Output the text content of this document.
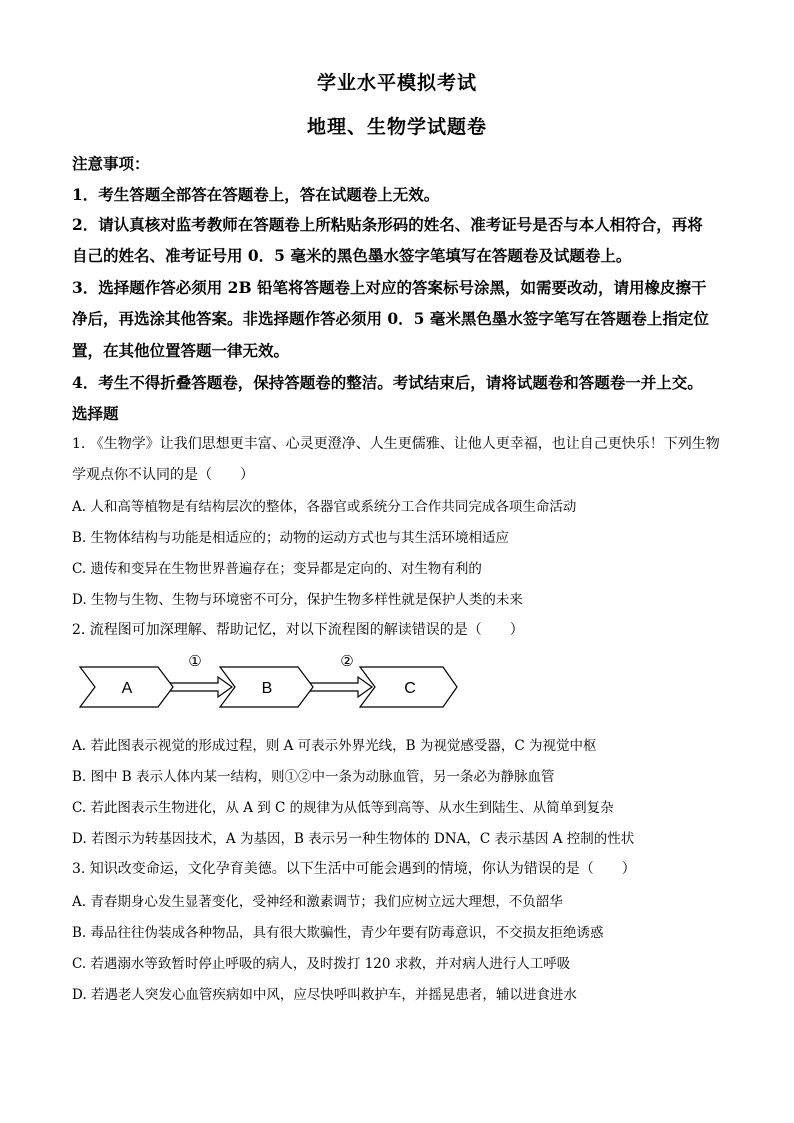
学业水平模拟考试
地理、生物学试题卷
注意事项：
1．考生答题全部答在答题卷上，答在试题卷上无效。
2．请认真核对监考教师在答题卷上所粘贴条形码的姓名、准考证号是否与本人相符合，再将
自己的姓名、准考证号用 0．5 毫米的黑色墨水签字笔填写在答题卷及试题卷上。
3．选择题作答必须用 2B 铅笔将答题卷上对应的答案标号涂黑，如需要改动，请用橡皮擦干
净后，再选涂其他答案。非选择题作答必须用 0．5 毫米黑色墨水签字笔写在答题卷上指定位
置，在其他位置答题一律无效。
4．考生不得折叠答题卷，保持答题卷的整洁。考试结束后，请将试题卷和答题卷一并上交。
选择题
1. 《生物学》让我们思想更丰富、心灵更澄净、人生更儒雅、让他人更幸福，也让自己更快乐！下列生物
学观点你不认同的是（　　）
A. 人和高等植物是有结构层次的整体，各器官或系统分工合作共同完成各项生命活动
B. 生物体结构与功能是相适应的；动物的运动方式也与其生活环境相适应
C. 遗传和变异在生物世界普遍存在；变异都是定向的、对生物有利的
D. 生物与生物、生物与环境密不可分，保护生物多样性就是保护人类的未来
2. 流程图可加深理解、帮助记忆，对以下流程图的解读错误的是（　　）
A	B	C
①	②
A. 若此图表示视觉的形成过程，则 A 可表示外界光线，B 为视觉感受器，C 为视觉中枢
B. 图中 B 表示人体内某一结构，则①②中一条为动脉血管，另一条必为静脉血管
C. 若此图表示生物进化，从 A 到 C 的规律为从低等到高等、从水生到陆生、从简单到复杂
D. 若图示为转基因技术，A 为基因，B 表示另一种生物体的 DNA，C 表示基因 A 控制的性状
3. 知识改变命运，文化孕育美德。以下生活中可能会遇到的情境，你认为错误的是（　　）
A. 青春期身心发生显著变化，受神经和激素调节；我们应树立远大理想，不负韶华
B. 毒品往往伪装成各种物品，具有很大欺骗性，青少年要有防毒意识，不交损友拒绝诱惑
C. 若遇溺水等致暂时停止呼吸的病人，及时拨打 120 求救，并对病人进行人工呼吸
D. 若遇老人突发心血管疾病如中风，应尽快呼叫救护车，并摇晃患者，辅以进食进水
